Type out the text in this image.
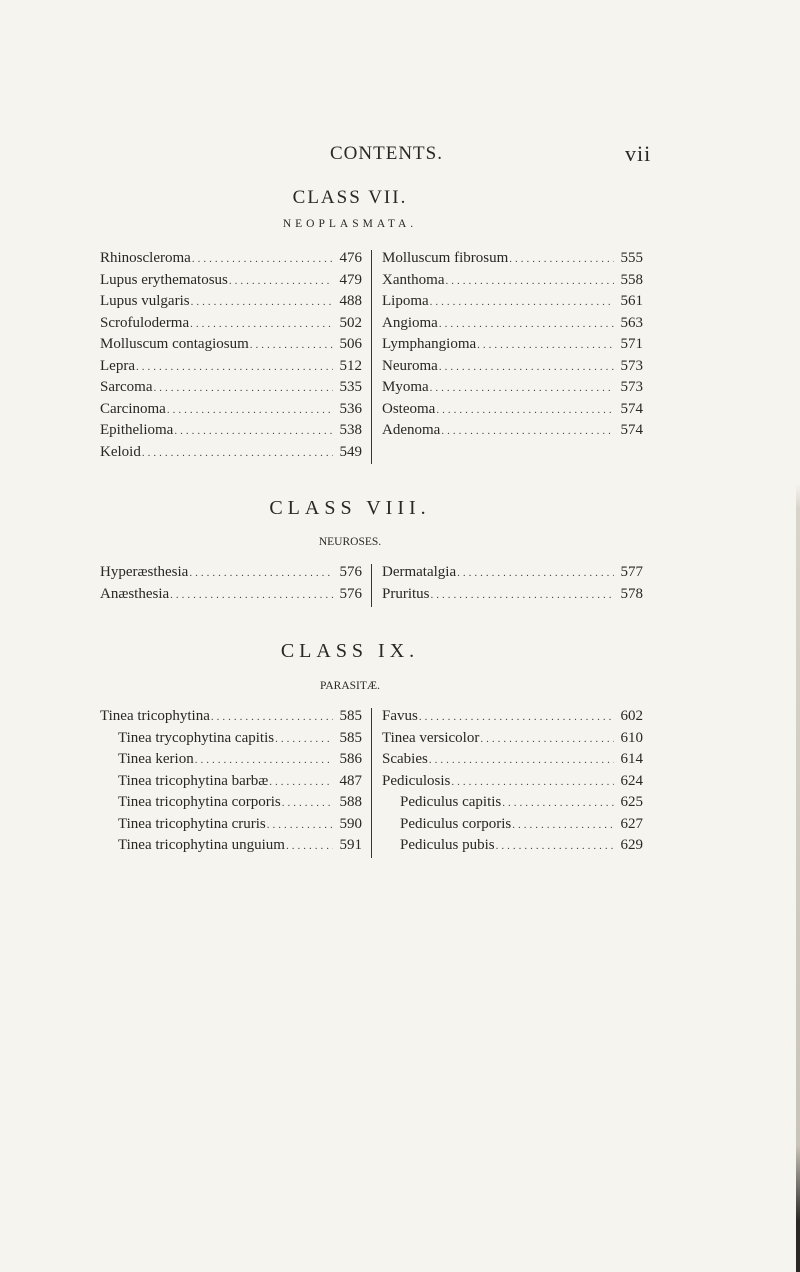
CONTENTS.	vii
CLASS VII.
NEOPLASMATA.
Rhinoscleroma .....	476
Lupus erythematosus .....	479
Lupus vulgaris .....	488
Scrofuloderma .....	502
Molluscum contagiosum .....	506
Lepra .....	512
Sarcoma .....	535
Carcinoma .....	536
Epithelioma .....	538
Keloid .....	549
Molluscum fibrosum .....	555
Xanthoma .....	558
Lipoma .....	561
Angioma .....	563
Lymphangioma .....	571
Neuroma .....	573
Myoma .....	573
Osteoma .....	574
Adenoma .....	574
CLASS VIII.
NEUROSES.
Hyperæsthesia .....	576
Anæsthesia .....	576
Dermatalgia .....	577
Pruritus .....	578
CLASS IX.
PARASITÆ.
Tinea tricophytina .....	585
Tinea trycophytina capitis .....	585
Tinea kerion .....	586
Tinea tricophytina barbæ .....	487
Tinea tricophytina corporis .....	588
Tinea tricophytina cruris .....	590
Tinea tricophytina unguium .....	591
Favus .....	602
Tinea versicolor .....	610
Scabies .....	614
Pediculosis .....	624
Pediculus capitis .....	625
Pediculus corporis .....	627
Pediculus pubis .....	629
